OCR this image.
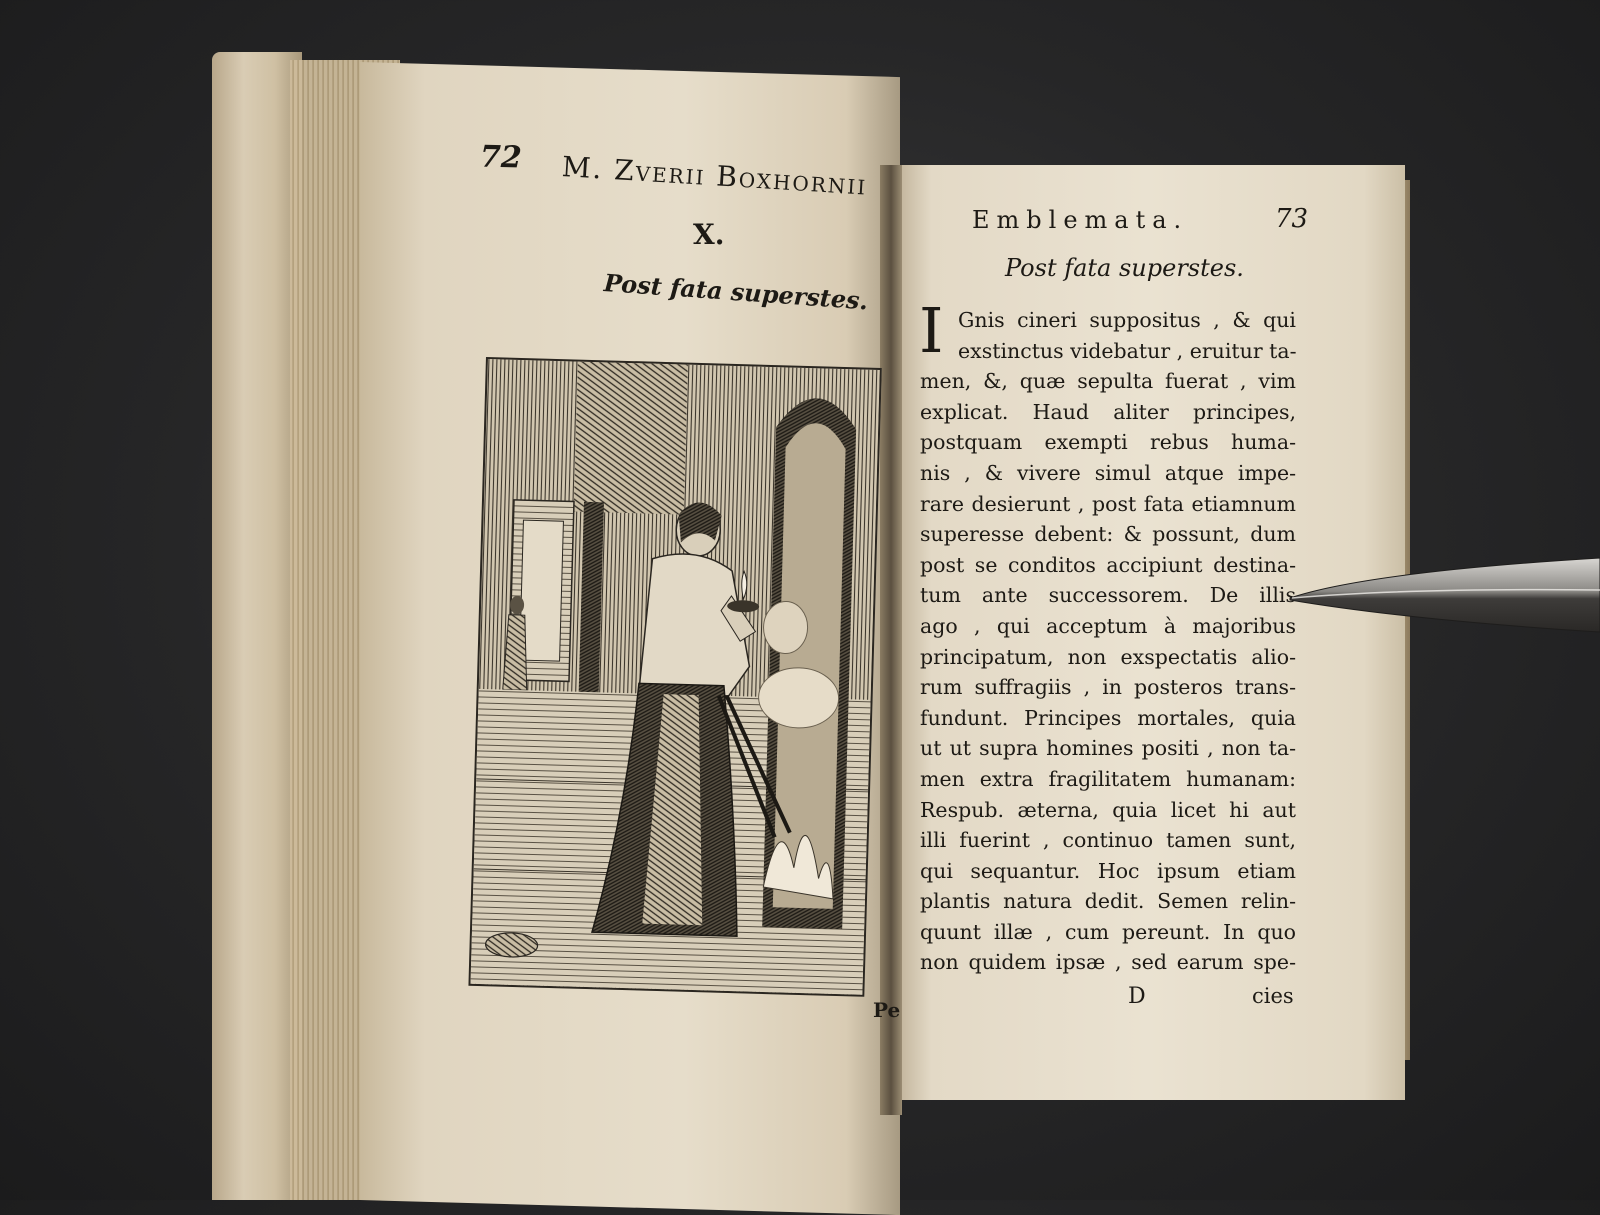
72 M. Zverii Boxhornii
X.
Post fata superstes.
Pe
Emblemata.	73
Post fata superstes.
I Gnis cineri suppositus , & qui
exstinctus videbatur , eruitur ta-
men, &, quæ sepulta fuerat , vim
explicat. Haud aliter principes,
postquam exempti rebus huma-
nis , & vivere simul atque impe-
rare desierunt , post fata etiamnum
superesse debent: & possunt, dum
post se conditos accipiunt destina-
tum ante successorem. De illis
ago , qui acceptum à majoribus
principatum, non exspectatis alio-
rum suffragiis , in posteros trans-
fundunt. Principes mortales, quia
ut ut supra homines positi , non ta-
men extra fragilitatem humanam:
Respub. æterna, quia licet hi aut
illi fuerint , continuo tamen sunt,
qui sequantur. Hoc ipsum etiam
plantis natura dedit. Semen relin-
quunt illæ , cum pereunt. In quo
non quidem ipsæ , sed earum spe-
D	cies
